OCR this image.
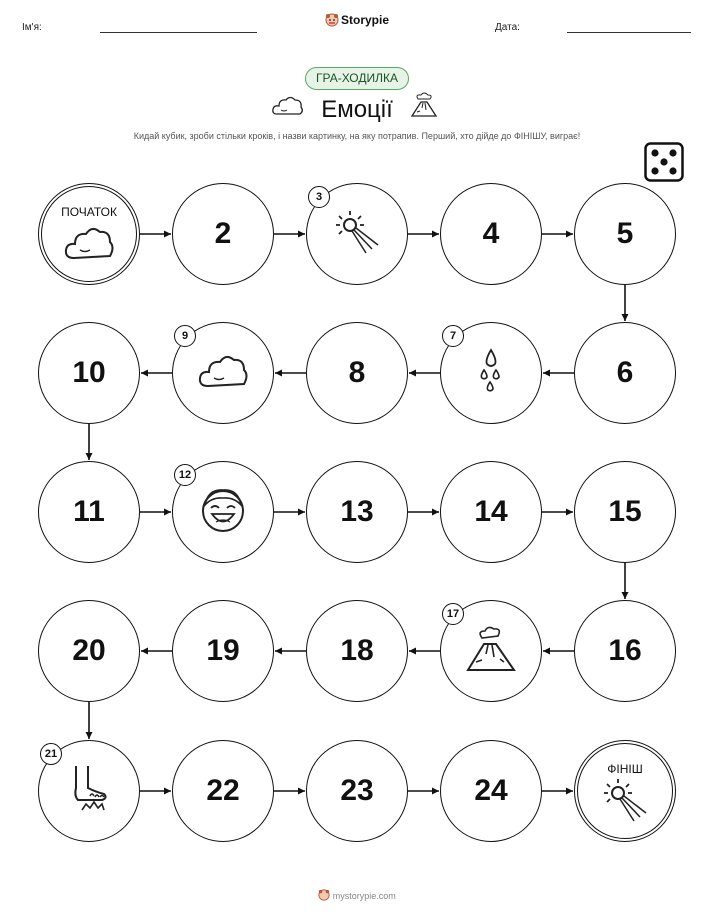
Ім'я:
Storypie
Дата:
ГРА-ХОДИЛКА
Емоції
Кидай кубик, зроби стільки кроків, і назви картинку, на яку потрапив. Перший, хто дійде до ФІНІШУ, виграє!
ПОЧАТОК
2
3
4	5
6
7
8
9
10
11
12
13	14	15
16
17
18
19
20
21
22	23	24
ФІНІШ
mystorypie.com
